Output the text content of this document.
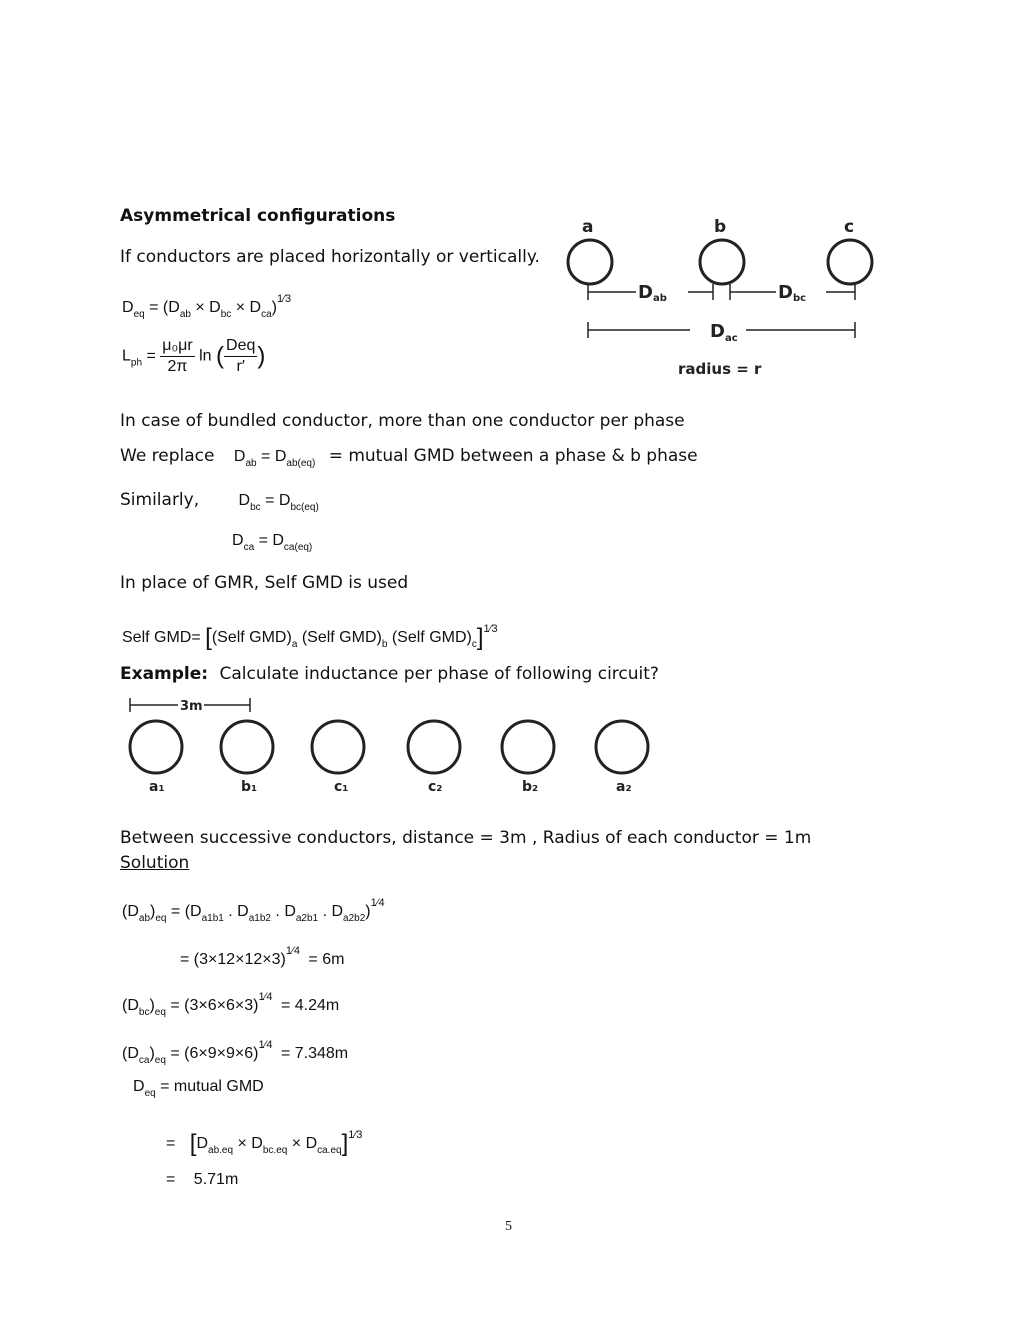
Asymmetrical configurations
If conductors are placed horizontally or vertically.
$D_{eq} = (D_{ab} \times D_{bc} \times D_{ca})^{1⁄3}$
$L_{ph} = \frac{\text{μ₀μr}}{2\pi}$ ln ( $\frac{\text{Deq}}{r'}$ )
a	b	c
D ab	D bc
D ac
radius = r
In case of bundled conductor, more than one conductor per phase
We replace $D_{ab} = D_{ab(eq)}$ = mutual GMD between a phase & b phase
Similarly, $D_{bc} = D_{bc(eq)}$
$D_{ca} = D_{ca(eq)}$
In place of GMR, Self GMD is used
Self GMD= [(Self $GMD)_a$ (Self $GMD)_b$ (Self $GMD)_c]^{1⁄3}$
Example: Calculate inductance per phase of following circuit?
3m
a₁	b₁	c₁	c₂	b₂	a₂
Between successive conductors, distance = 3m , Radius of each conductor = 1m
Solution
$(D_{ab})_{eq} = (D_{a1b1}$ . $D_{a1b2}$ . $D_{a2b1}$ . $D_{a2b2})^{1⁄4}$
= $(3\times 12\times 12\times 3)^{1⁄4} = 6m$
$(D_{bc})_{eq} = (3\times 6\times 6\times 3)^{1⁄4} = 4.24m$
$(D_{ca})_{eq} = (6\times 9\times 9\times 6)^{1⁄4} = 7.348m$
$D_{eq}$ = mutual GMD
= $[D_{ab.eq} \times D_{bc.eq} \times D_{ca.eq}]^{1⁄3}$
= 5.71m
5
